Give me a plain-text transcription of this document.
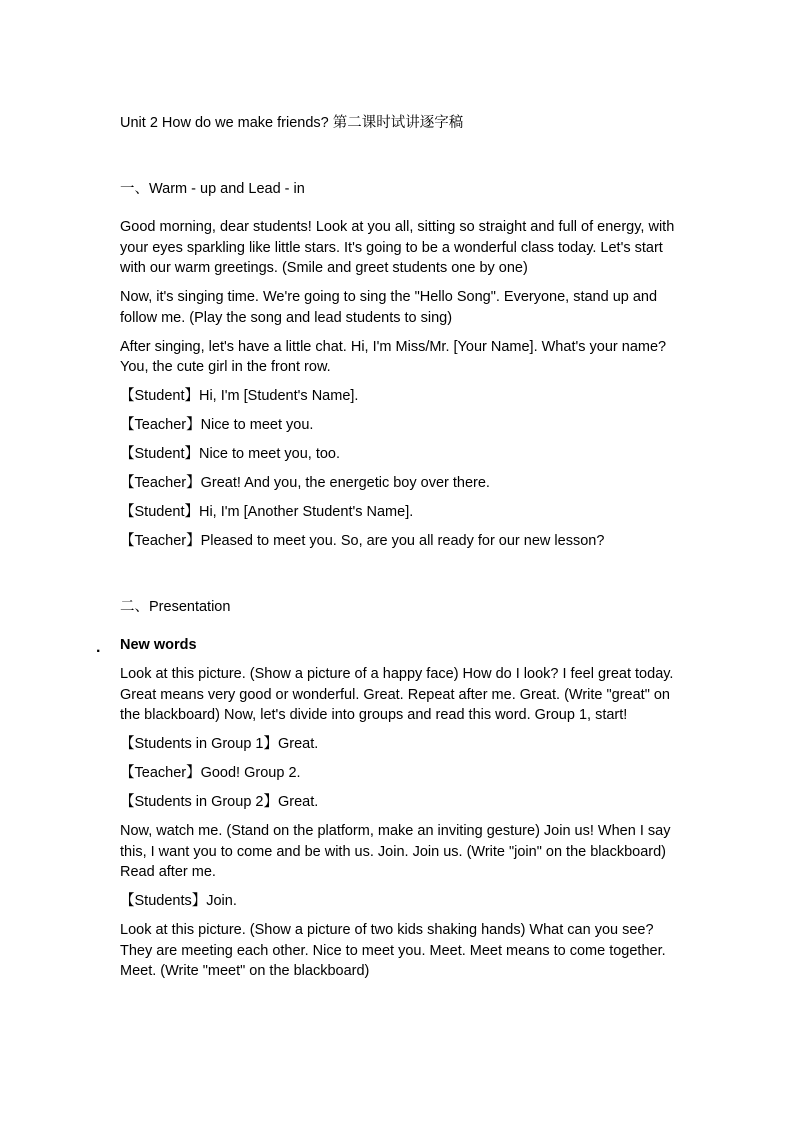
Unit 2 How do we make friends? 第二课时试讲逐字稿
一、Warm - up and Lead - in

Good morning, dear students! Look at you all, sitting so straight and full of energy, with your eyes sparkling like little stars. It's going to be a wonderful class today. Let's start with our warm greetings. (Smile and greet students one by one)

Now, it's singing time. We're going to sing the "Hello Song". Everyone, stand up and follow me. (Play the song and lead students to sing)

After singing, let's have a little chat. Hi, I'm Miss/Mr. [Your Name]. What's your name? You, the cute girl in the front row.

【Student】Hi, I'm [Student's Name].

【Teacher】Nice to meet you.

【Student】Nice to meet you, too.

【Teacher】Great! And you, the energetic boy over there.

【Student】Hi, I'm [Another Student's Name].

【Teacher】Pleased to meet you. So, are you all ready for our new lesson?

二、Presentation
. New words

Look at this picture. (Show a picture of a happy face) How do I look? I feel great today. Great means very good or wonderful. Great. Repeat after me. Great. (Write "great" on the blackboard) Now, let's divide into groups and read this word. Group 1, start!

【Students in Group 1】Great.

【Teacher】Good! Group 2.

【Students in Group 2】Great.

Now, watch me. (Stand on the platform, make an inviting gesture) Join us! When I say this, I want you to come and be with us. Join. Join us. (Write "join" on the blackboard) Read after me.

【Students】Join.

Look at this picture. (Show a picture of two kids shaking hands) What can you see? They are meeting each other. Nice to meet you. Meet. Meet means to come together. Meet. (Write "meet" on the blackboard)
